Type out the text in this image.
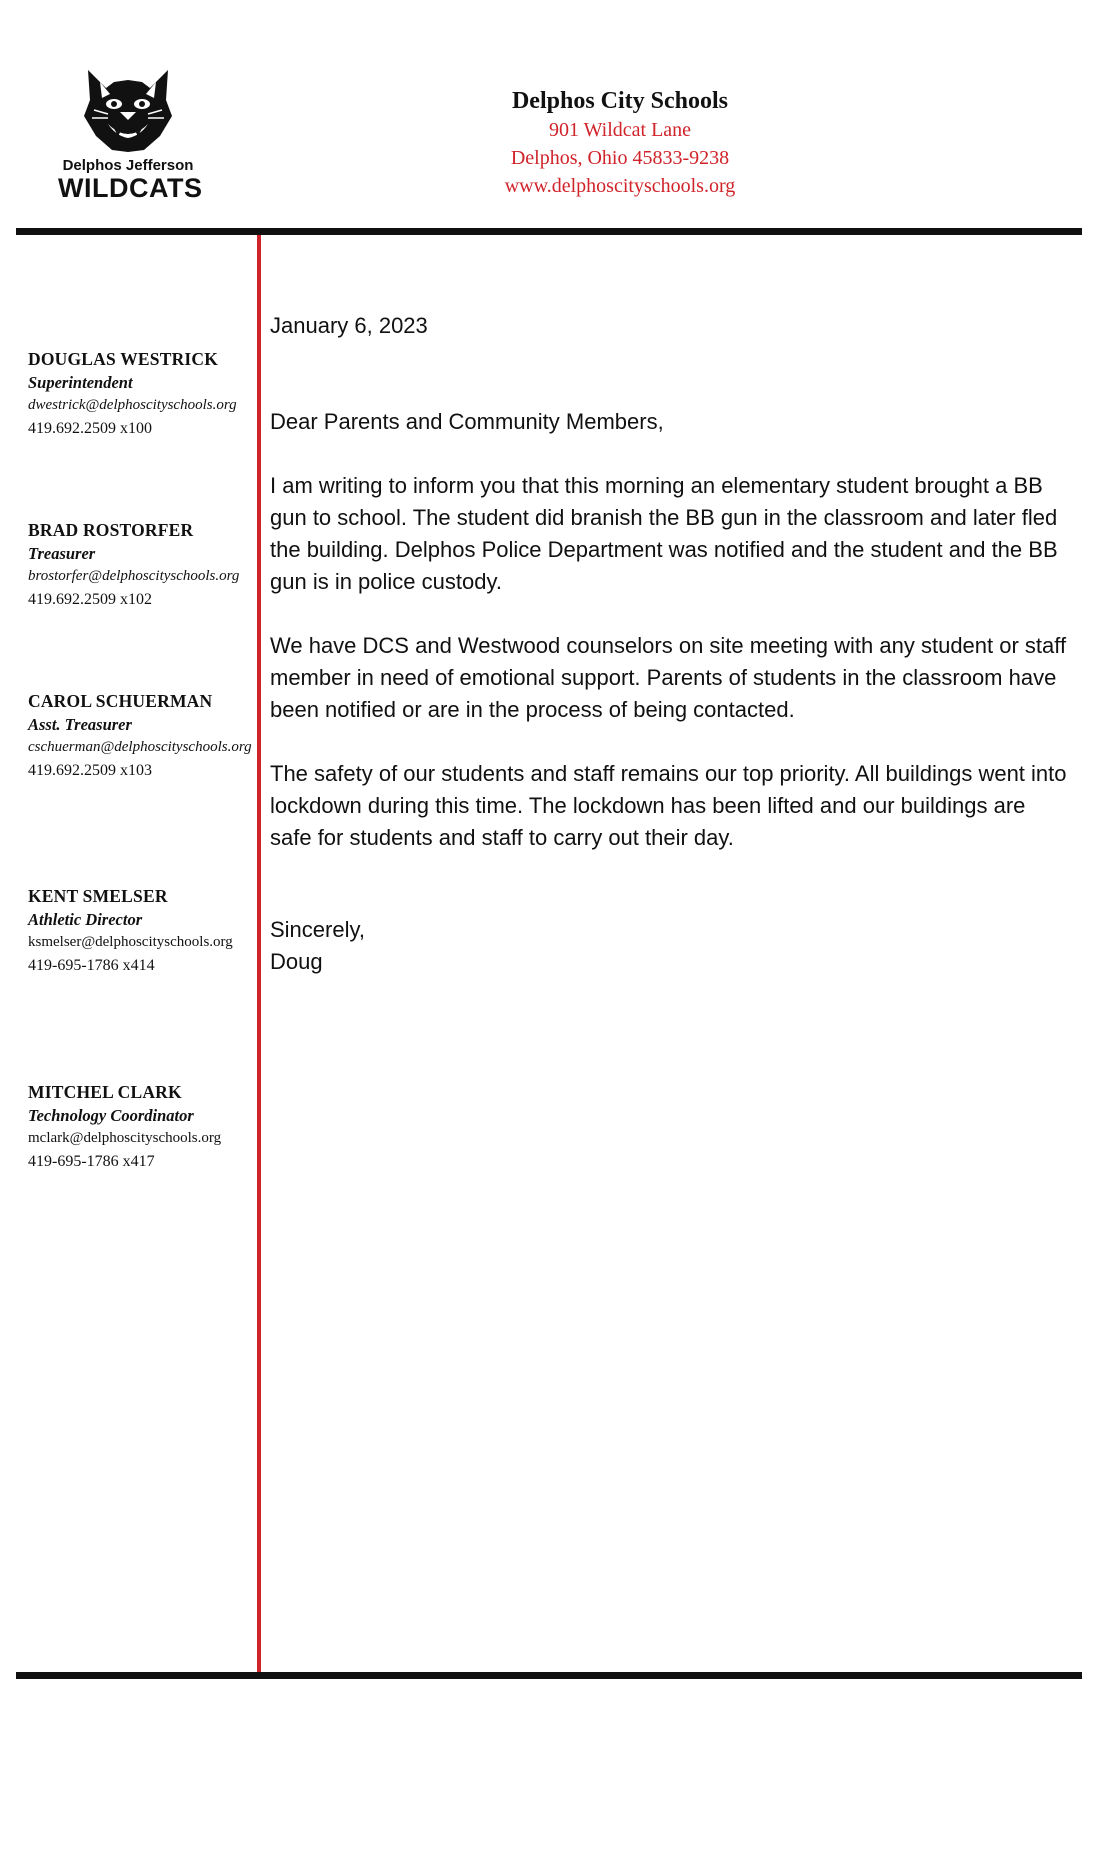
Delphos Jefferson
WILDCATS
Delphos City Schools
901 Wildcat Lane
Delphos, Ohio 45833-9238
www.delphoscityschools.org
DOUGLAS WESTRICK
Superintendent
dwestrick@delphoscityschools.org
419.692.2509 x100
BRAD ROSTORFER
Treasurer
brostorfer@delphoscityschools.org
419.692.2509 x102
CAROL SCHUERMAN
Asst. Treasurer
cschuerman@delphoscityschools.org
419.692.2509 x103
KENT SMELSER
Athletic Director
ksmelser@delphoscityschools.org
419-695-1786 x414
MITCHEL CLARK
Technology Coordinator
mclark@delphoscityschools.org
419-695-1786 x417

January 6, 2023

Dear Parents and Community Members,

I am writing to inform you that this morning an elementary student brought a BB gun to school. The student did branish the BB gun in the classroom and later fled the building. Delphos Police Department was notified and the student and the BB gun is in police custody.

We have DCS and Westwood counselors on site meeting with any student or staff member in need of emotional support. Parents of students in the classroom have been notified or are in the process of being contacted.

The safety of our students and staff remains our top priority. All buildings went into lockdown during this time. The lockdown has been lifted and our buildings are safe for students and staff to carry out their day.

Sincerely,

Doug
